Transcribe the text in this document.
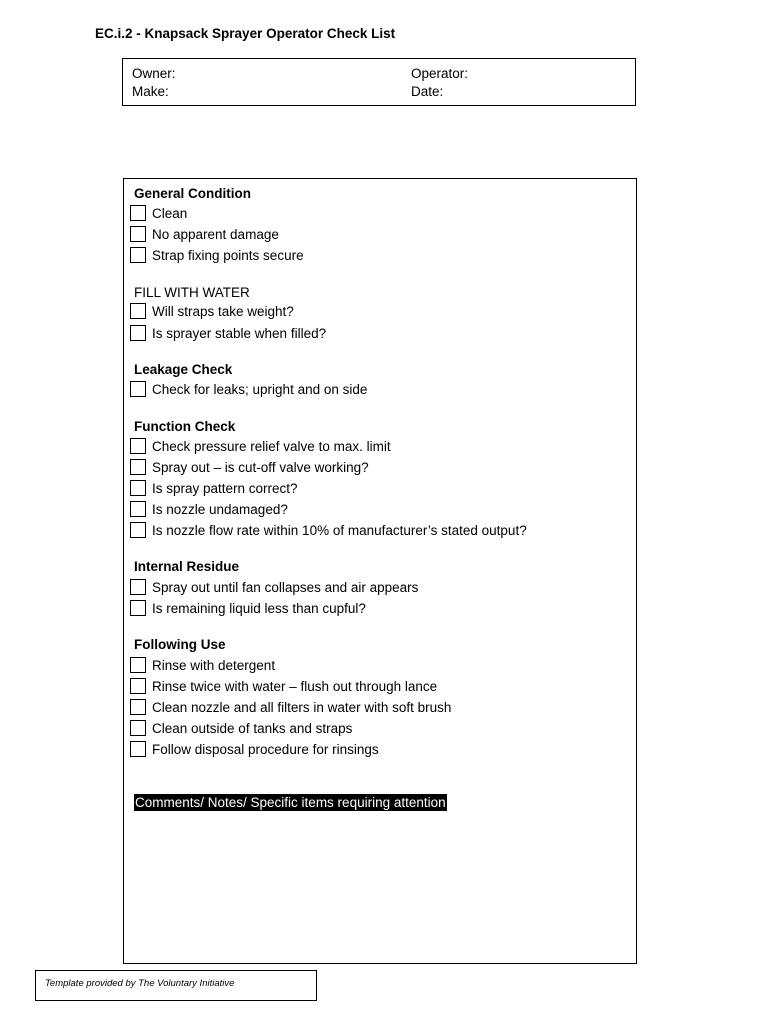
EC.i.2 - Knapsack Sprayer Operator Check List
Owner:
Make:
Operator:
Date:
General Condition
Clean
No apparent damage
Strap fixing points secure
FILL WITH WATER
Will straps take weight?
Is sprayer stable when filled?
Leakage Check
Check for leaks; upright and on side
Function Check
Check pressure relief valve to max. limit
Spray out – is cut-off valve working?
Is spray pattern correct?
Is nozzle undamaged?
Is nozzle flow rate within 10% of manufacturer’s stated output?
Internal Residue
Spray out until fan collapses and air appears
Is remaining liquid less than cupful?
Following Use
Rinse with detergent
Rinse twice with water – flush out through lance
Clean nozzle and all filters in water with soft brush
Clean outside of tanks and straps
Follow disposal procedure for rinsings
Comments/ Notes/ Specific items requiring attention
Template provided by The Voluntary Initiative
